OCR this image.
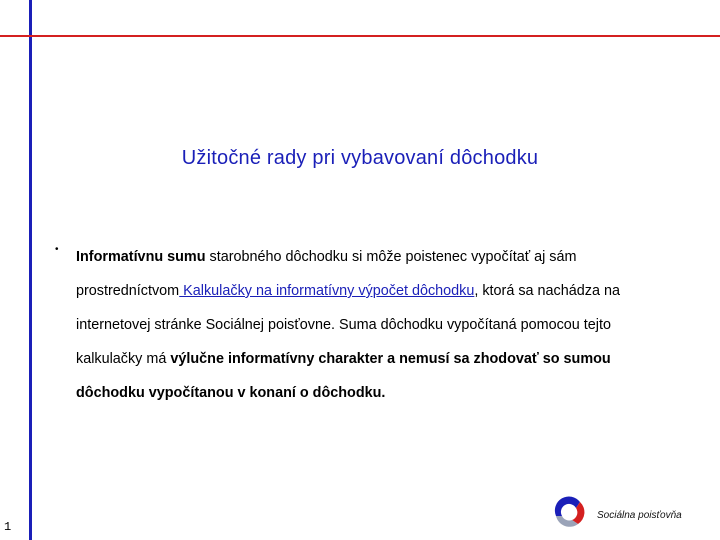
Užitočné rady pri vybavovaní dôchodku
• Informatívnu sumu starobného dôchodku si môže poistenec vypočítať aj sám prostredníctvom Kalkulačky na informatívny výpočet dôchodku, ktorá sa nachádza na internetovej stránke Sociálnej poisťovne. Suma dôchodku vypočítaná pomocou tejto kalkulačky má výlučne informatívny charakter a nemusí sa zhodovať so sumou dôchodku vypočítanou v konaní o dôchodku.
1
Sociálna poisťovňa
